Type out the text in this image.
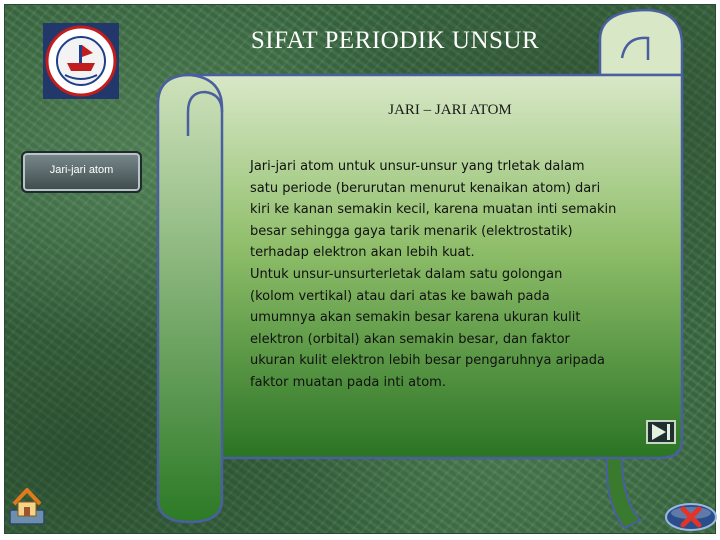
SIFAT PERIODIK UNSUR
Jari-jari atom
JARI – JARI ATOM
Jari-jari atom untuk unsur-unsur yang trletak dalam
satu periode (berurutan menurut kenaikan atom) dari
kiri ke kanan semakin kecil, karena muatan inti semakin
besar sehingga gaya tarik menarik (elektrostatik)
terhadap elektron akan lebih kuat.
Untuk unsur-unsurterletak dalam satu golongan
(kolom vertikal) atau dari atas ke bawah pada
umumnya akan semakin besar karena ukuran kulit
elektron (orbital) akan semakin besar, dan faktor
ukuran kulit elektron lebih besar pengaruhnya aripada
faktor muatan pada inti atom.
